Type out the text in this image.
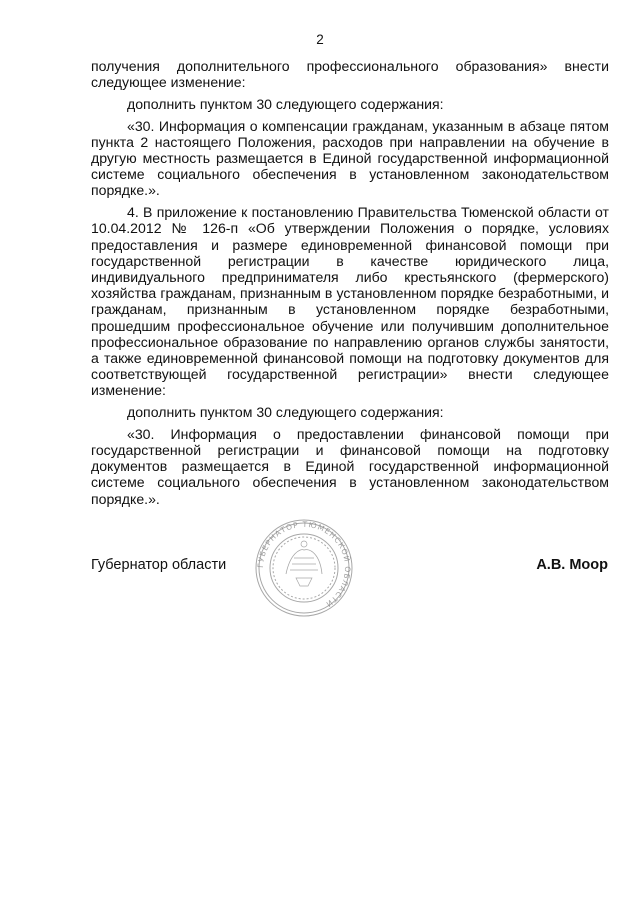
2

получения дополнительного профессионального образования» внести следующее изменение:

дополнить пунктом 30 следующего содержания:

«30. Информация о компенсации гражданам, указанным в абзаце пятом пункта 2 настоящего Положения, расходов при направлении на обучение в другую местность размещается в Единой государственной информационной системе социального обеспечения в установленном законодательством порядке.».

4. В приложение к постановлению Правительства Тюменской области от 10.04.2012 № 126-п «Об утверждении Положения о порядке, условиях предоставления и размере единовременной финансовой помощи при государственной регистрации в качестве юридического лица, индивидуального предпринимателя либо крестьянского (фермерского) хозяйства гражданам, признанным в установленном порядке безработными, и гражданам, признанным в установленном порядке безработными, прошедшим профессиональное обучение или получившим дополнительное профессиональное образование по направлению органов службы занятости, а также единовременной финансовой помощи на подготовку документов для соответствующей государственной регистрации» внести следующее изменение:

дополнить пунктом 30 следующего содержания:

«30. Информация о предоставлении финансовой помощи при государственной регистрации и финансовой помощи на подготовку документов размещается в Единой государственной информационной системе социального обеспечения в установленном законодательством порядке.».

Губернатор области	ГУБЕРНАТОР ТЮМЕНСКОЙ ОБЛАСТИ
А.В. Моор
